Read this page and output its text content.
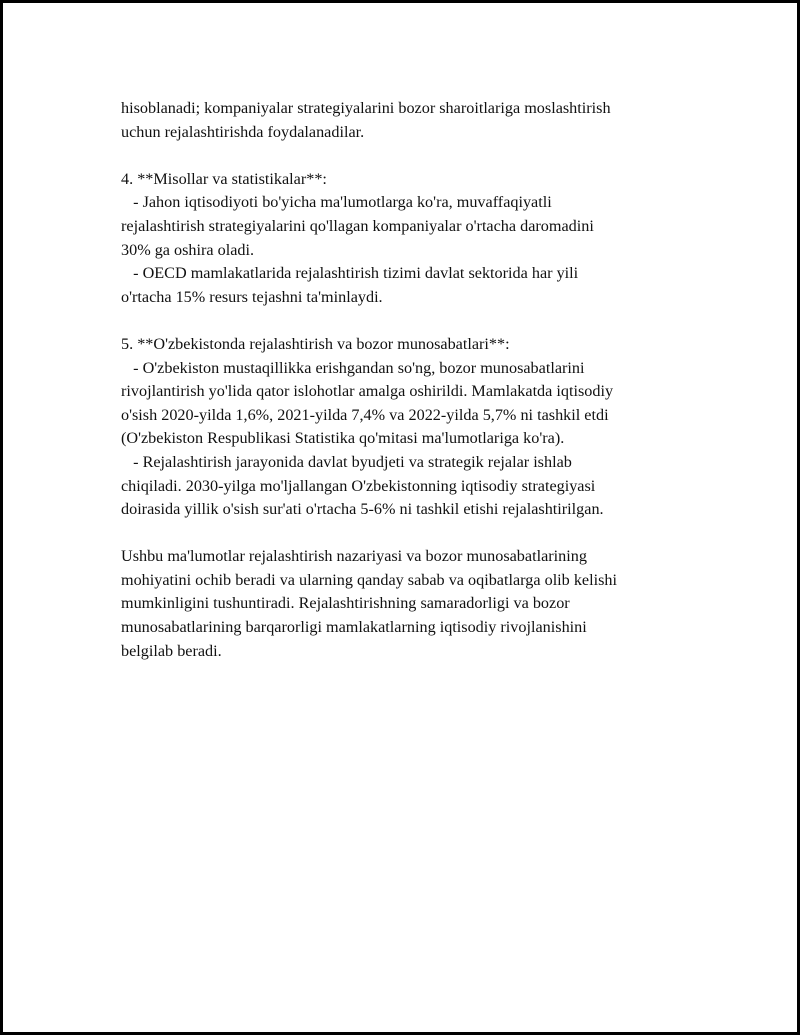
hisoblanadi; kompaniyalar strategiyalarini bozor sharoitlariga moslashtirish
uchun rejalashtirishda foydalanadilar.
4. **Misollar va statistikalar**:
- Jahon iqtisodiyoti bo'yicha ma'lumotlarga ko'ra, muvaffaqiyatli
rejalashtirish strategiyalarini qo'llagan kompaniyalar o'rtacha daromadini
30% ga oshira oladi.
- OECD mamlakatlarida rejalashtirish tizimi davlat sektorida har yili
o'rtacha 15% resurs tejashni ta'minlaydi.
5. **O'zbekistonda rejalashtirish va bozor munosabatlari**:
- O'zbekiston mustaqillikka erishgandan so'ng, bozor munosabatlarini
rivojlantirish yo'lida qator islohotlar amalga oshirildi. Mamlakatda iqtisodiy
o'sish 2020-yilda 1,6%, 2021-yilda 7,4% va 2022-yilda 5,7% ni tashkil etdi
(O'zbekiston Respublikasi Statistika qo'mitasi ma'lumotlariga ko'ra).
- Rejalashtirish jarayonida davlat byudjeti va strategik rejalar ishlab
chiqiladi. 2030-yilga mo'ljallangan O'zbekistonning iqtisodiy strategiyasi
doirasida yillik o'sish sur'ati o'rtacha 5-6% ni tashkil etishi rejalashtirilgan.
Ushbu ma'lumotlar rejalashtirish nazariyasi va bozor munosabatlarining
mohiyatini ochib beradi va ularning qanday sabab va oqibatlarga olib kelishi
mumkinligini tushuntiradi. Rejalashtirishning samaradorligi va bozor
munosabatlarining barqarorligi mamlakatlarning iqtisodiy rivojlanishini
belgilab beradi.
